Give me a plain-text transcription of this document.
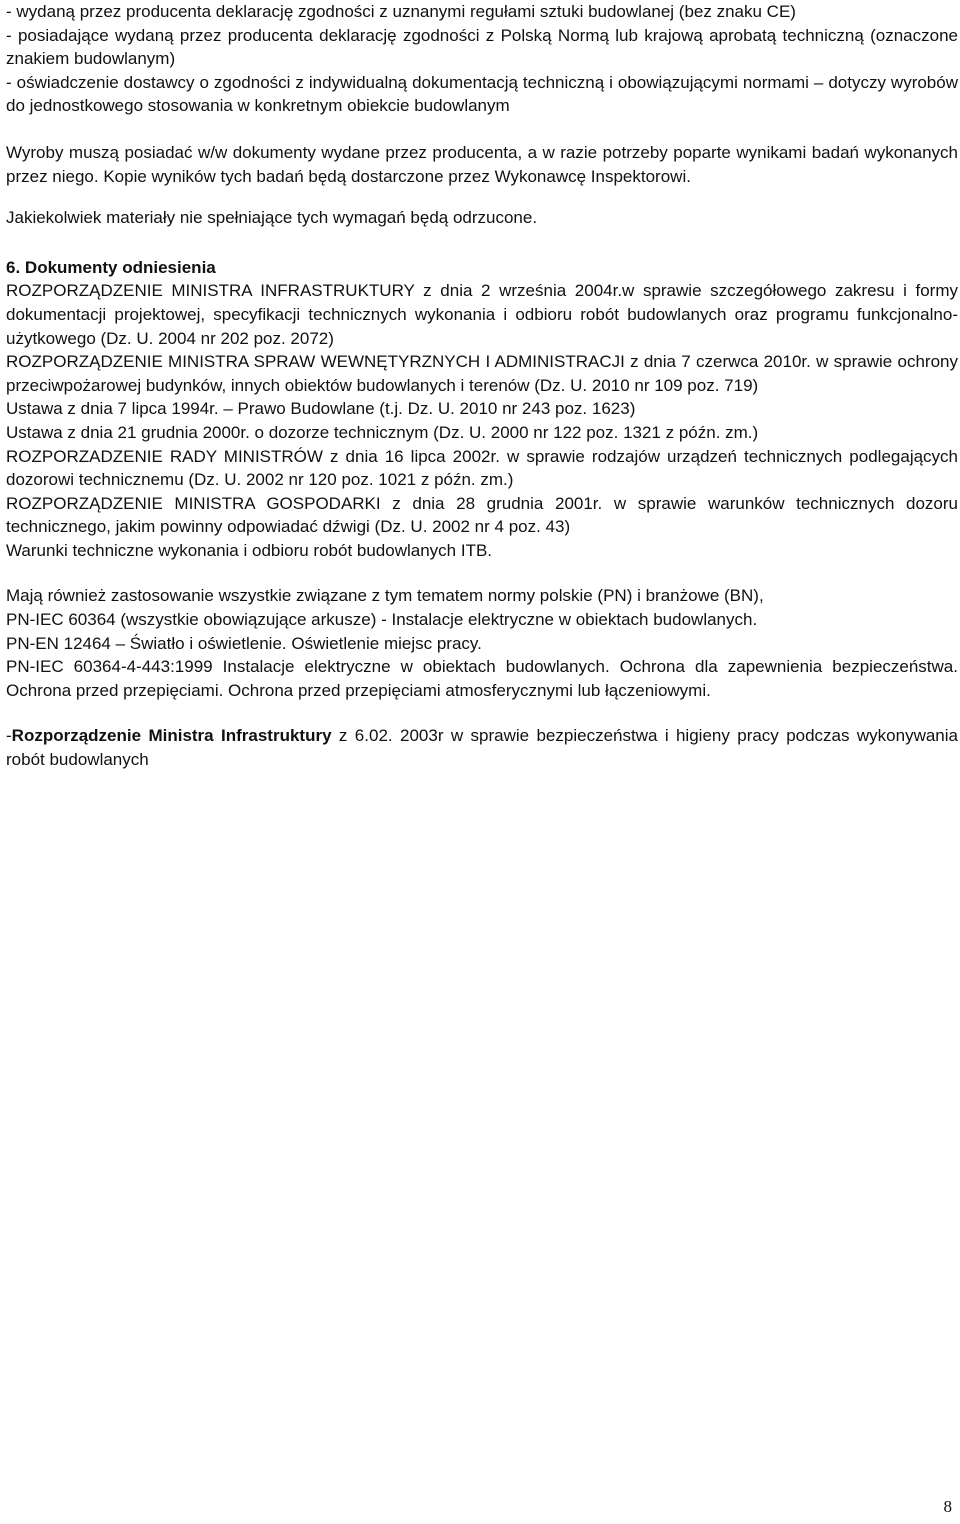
- wydaną przez producenta deklarację zgodności z uznanymi regułami sztuki budowlanej (bez znaku CE)

- posiadające wydaną przez producenta deklarację zgodności z Polską Normą lub krajową aprobatą techniczną (oznaczone znakiem budowlanym)

- oświadczenie dostawcy o zgodności z indywidualną dokumentacją techniczną i obowiązującymi normami – dotyczy wyrobów do jednostkowego stosowania w konkretnym obiekcie budowlanym

Wyroby muszą posiadać w/w dokumenty wydane przez producenta, a w razie potrzeby poparte wynikami badań wykonanych przez niego. Kopie wyników tych badań będą dostarczone przez Wykonawcę Inspektorowi.

Jakiekolwiek materiały nie spełniające tych wymagań będą odrzucone.

6. Dokumenty odniesienia

ROZPORZĄDZENIE MINISTRA INFRASTRUKTURY z dnia 2 września 2004r.w sprawie szczegółowego zakresu i formy dokumentacji projektowej, specyfikacji technicznych wykonania i odbioru robót budowlanych oraz programu funkcjonalno-użytkowego (Dz. U. 2004 nr 202 poz. 2072)

ROZPORZĄDZENIE MINISTRA SPRAW WEWNĘTYRZNYCH I ADMINISTRACJI z dnia 7 czerwca 2010r. w sprawie ochrony przeciwpożarowej budynków, innych obiektów budowlanych i terenów (Dz. U. 2010 nr 109 poz. 719)

Ustawa z dnia 7 lipca 1994r. – Prawo Budowlane (t.j. Dz. U. 2010 nr 243 poz. 1623)

Ustawa z dnia 21 grudnia 2000r. o dozorze technicznym (Dz. U. 2000 nr 122 poz. 1321 z późn. zm.)

ROZPORZADZENIE RADY MINISTRÓW z dnia 16 lipca 2002r. w sprawie rodzajów urządzeń technicznych podlegających dozorowi technicznemu (Dz. U. 2002 nr 120 poz. 1021 z późn. zm.)

ROZPORZĄDZENIE MINISTRA GOSPODARKI z dnia 28 grudnia 2001r. w sprawie warunków technicznych dozoru technicznego, jakim powinny odpowiadać dźwigi (Dz. U. 2002 nr 4 poz. 43)

Warunki techniczne wykonania i odbioru robót budowlanych ITB.

Mają również zastosowanie wszystkie związane z tym tematem normy polskie (PN) i branżowe (BN),

PN-IEC 60364 (wszystkie obowiązujące arkusze) - Instalacje elektryczne w obiektach budowlanych.

PN-EN 12464 – Światło i oświetlenie. Oświetlenie miejsc pracy.

PN-IEC 60364-4-443:1999 Instalacje elektryczne w obiektach budowlanych. Ochrona dla zapewnienia bezpieczeństwa. Ochrona przed przepięciami. Ochrona przed przepięciami atmosferycznymi lub łączeniowymi.

-Rozporządzenie Ministra Infrastruktury z 6.02. 2003r w sprawie bezpieczeństwa i higieny pracy podczas wykonywania robót budowlanych

8
